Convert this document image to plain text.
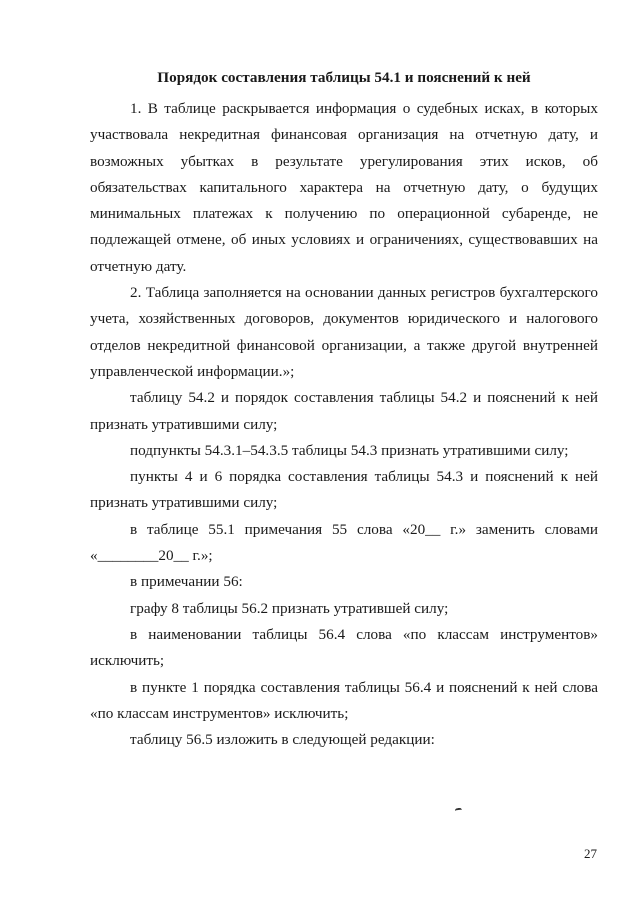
Порядок составления таблицы 54.1 и пояснений к ней

1. В таблице раскрывается информация о судебных исках, в которых участвовала некредитная финансовая организация на отчетную дату, и возможных убытках в результате урегулирования этих исков, об обязательствах капитального характера на отчетную дату, о будущих минимальных платежах к получению по операционной субаренде, не подлежащей отмене, об иных условиях и ограничениях, существовавших на отчетную дату.

2. Таблица заполняется на основании данных регистров бухгалтерского учета, хозяйственных договоров, документов юридического и налогового отделов некредитной финансовой организации, а также другой внутренней управленческой информации.»;

таблицу 54.2 и порядок составления таблицы 54.2 и пояснений к ней признать утратившими силу;

подпункты 54.3.1–54.3.5 таблицы 54.3 признать утратившими силу;

пункты 4 и 6 порядка составления таблицы 54.3 и пояснений к ней признать утратившими силу;

в таблице 55.1 примечания 55 слова «20__ г.» заменить словами «________20__ г.»;

в примечании 56:

графу 8 таблицы 56.2 признать утратившей силу;

в наименовании таблицы 56.4 слова «по классам инструментов» исключить;

в пункте 1 порядка составления таблицы 56.4 и пояснений к ней слова «по классам инструментов» исключить;

таблицу 56.5 изложить в следующей редакции:

27
